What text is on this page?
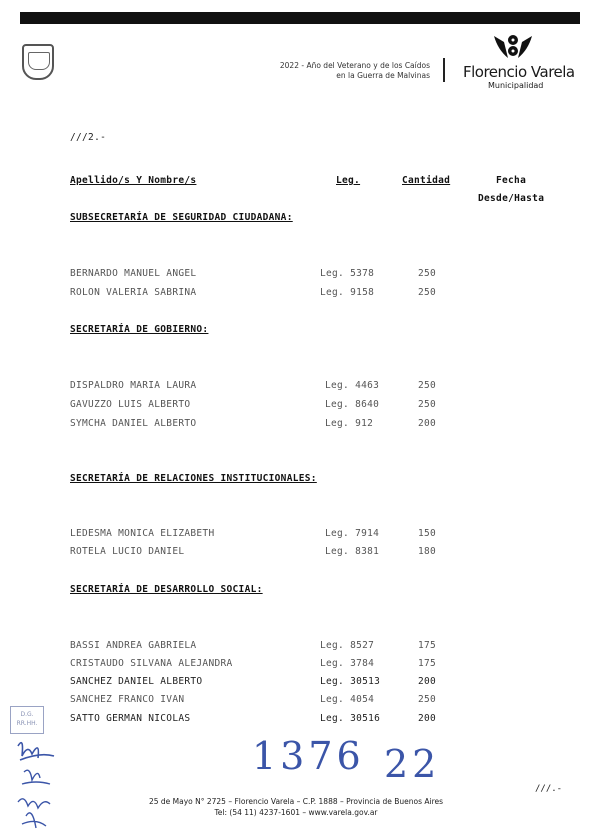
2022 - Año del Veterano y de los Caídos
en la Guerra de Malvinas Florencio Varela
Municipalidad
///2.-
Apellido/s Y Nombre/s	Leg.	Cantidad	Fecha
Desde/Hasta
SUBSECRETARÍA DE SEGURIDAD CIUDADANA:
BERNARDO MANUEL ANGEL	Leg. 5378	250
ROLON VALERIA SABRINA	Leg. 9158	250
SECRETARÍA DE GOBIERNO:
DISPALDRO MARIA LAURA	Leg. 4463	250
GAVUZZO LUIS ALBERTO	Leg. 8640	250
SYMCHA DANIEL ALBERTO	Leg. 912	200
SECRETARÍA DE RELACIONES INSTITUCIONALES:
LEDESMA MONICA ELIZABETH	Leg. 7914	150
ROTELA LUCIO DANIEL	Leg. 8381	180
SECRETARÍA DE DESARROLLO SOCIAL:
BASSI ANDREA GABRIELA	Leg. 8527	175
CRISTAUDO SILVANA ALEJANDRA	Leg. 3784	175
SANCHEZ DANIEL ALBERTO	Leg. 30513	200
SANCHEZ FRANCO IVAN	Leg. 4054	250
SATTO GERMAN NICOLAS	Leg. 30516	200
1376 22
D.G. RR.HH.
25 de Mayo N° 2725 – Florencio Varela – C.P. 1888 – Provincia de Buenos Aires
Tel: (54 11) 4237-1601 – www.varela.gov.ar
///.-
